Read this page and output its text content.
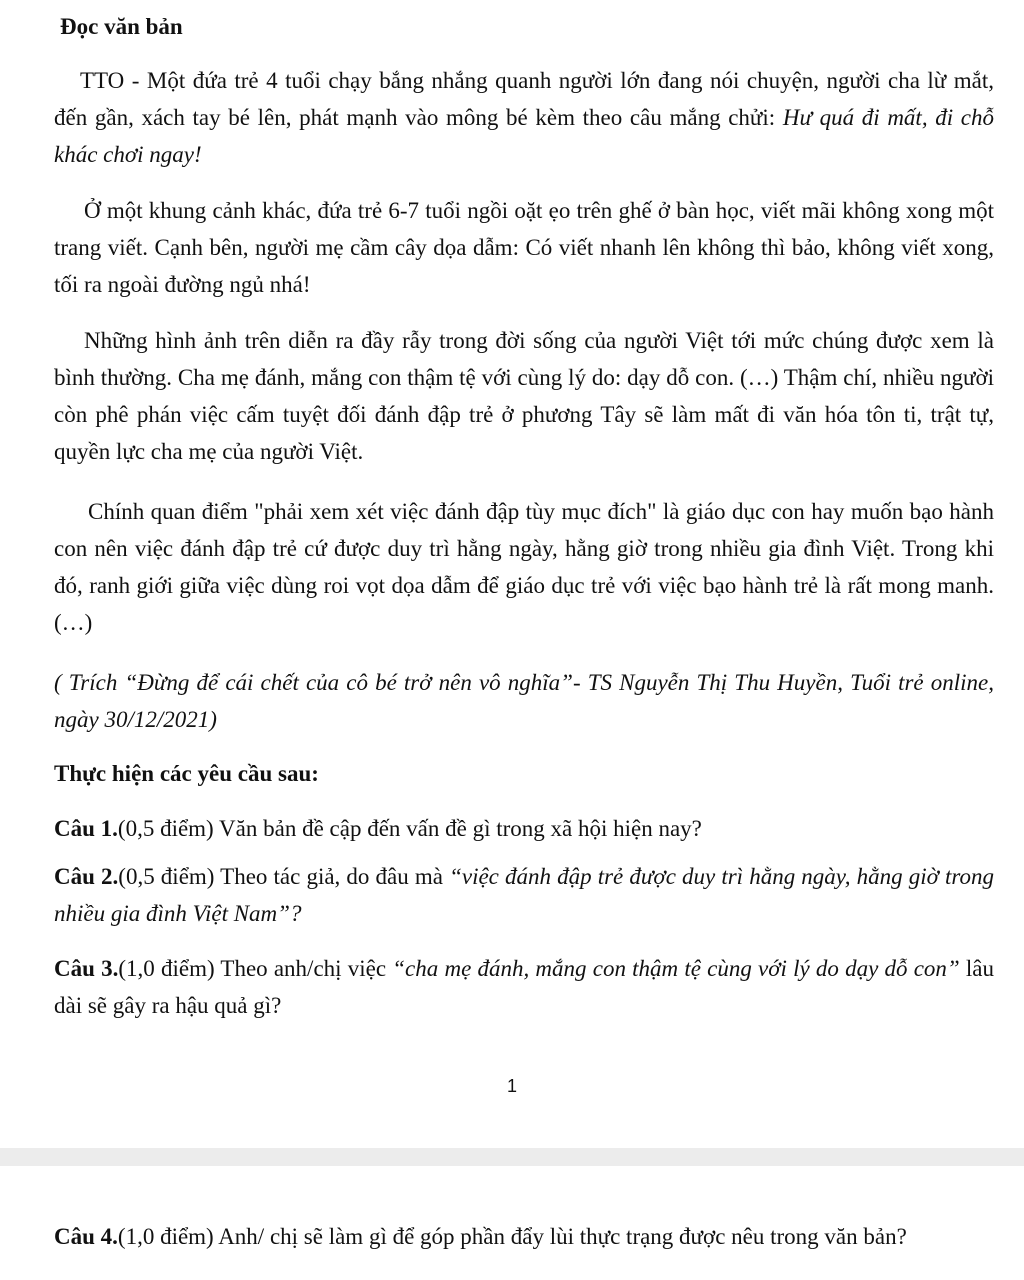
Đọc văn bản

TTO - Một đứa trẻ 4 tuổi chạy bắng nhắng quanh người lớn đang nói chuyện, người cha lừ mắt, đến gần, xách tay bé lên, phát mạnh vào mông bé kèm theo câu mắng chửi: Hư quá đi mất, đi chỗ khác chơi ngay!

Ở một khung cảnh khác, đứa trẻ 6-7 tuổi ngồi oặt ẹo trên ghế ở bàn học, viết mãi không xong một trang viết. Cạnh bên, người mẹ cầm cây dọa dẫm: Có viết nhanh lên không thì bảo, không viết xong, tối ra ngoài đường ngủ nhá!

Những hình ảnh trên diễn ra đầy rẫy trong đời sống của người Việt tới mức chúng được xem là bình thường. Cha mẹ đánh, mắng con thậm tệ với cùng lý do: dạy dỗ con. (…) Thậm chí, nhiều người còn phê phán việc cấm tuyệt đối đánh đập trẻ ở phương Tây sẽ làm mất đi văn hóa tôn ti, trật tự, quyền lực cha mẹ của người Việt.

Chính quan điểm "phải xem xét việc đánh đập tùy mục đích" là giáo dục con hay muốn bạo hành con nên việc đánh đập trẻ cứ được duy trì hằng ngày, hằng giờ trong nhiều gia đình Việt. Trong khi đó, ranh giới giữa việc dùng roi vọt dọa dẫm để giáo dục trẻ với việc bạo hành trẻ là rất mong manh.(…)

( Trích “Đừng để cái chết của cô bé trở nên vô nghĩa”- TS Nguyễn Thị Thu Huyền, Tuổi trẻ online, ngày 30/12/2021)

Thực hiện các yêu cầu sau:

Câu 1.(0,5 điểm) Văn bản đề cập đến vấn đề gì trong xã hội hiện nay?

Câu 2.(0,5 điểm) Theo tác giả, do đâu mà “việc đánh đập trẻ được duy trì hằng ngày, hằng giờ trong nhiều gia đình Việt Nam”?

Câu 3.(1,0 điểm) Theo anh/chị việc “cha mẹ đánh, mắng con thậm tệ cùng với lý do dạy dỗ con” lâu dài sẽ gây ra hậu quả gì?

1

Câu 4.(1,0 điểm) Anh/ chị sẽ làm gì để góp phần đẩy lùi thực trạng được nêu trong văn bản?
